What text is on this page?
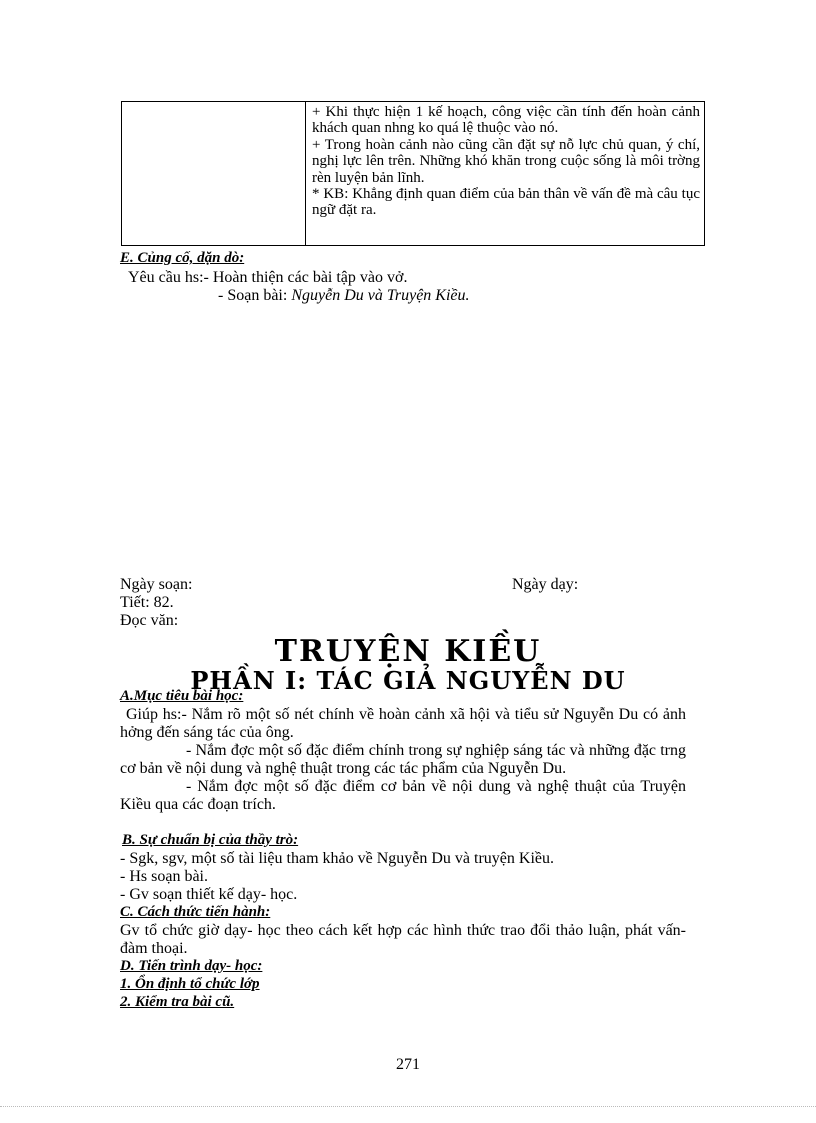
+ Khi thực hiện 1 kế hoạch, công việc cần tính đến hoàn cảnh khách quan nhng ko quá lệ thuộc vào nó.

+ Trong hoàn cảnh nào cũng cần đặt sự nỗ lực chủ quan, ý chí, nghị lực lên trên. Những khó khăn trong cuộc sống là môi trờng rèn luyện bản lĩnh.

* KB: Khẳng định quan điểm của bản thân về vấn đề mà câu tục ngữ đặt ra.

E. Củng cố, dặn dò:
Yêu cầu hs:- Hoàn thiện các bài tập vào vở.
- Soạn bài: Nguyễn Du và Truyện Kiều.
Ngày soạn:	Ngày dạy:
Tiết: 82.
Đọc văn:
TRUYỆN KIỀU
PHẦN I: TÁC GIẢ NGUYỄN DU
A.Mục tiêu bài học:

Giúp hs:- Nắm rõ một số nét chính về hoàn cảnh xã hội và tiểu sử Nguyễn Du có ảnh hởng đến sáng tác của ông.

- Nắm đợc một số đặc điểm chính trong sự nghiệp sáng tác và những đặc trng cơ bản về nội dung và nghệ thuật trong các tác phẩm của Nguyễn Du.

- Nắm đợc một số đặc điểm cơ bản về nội dung và nghệ thuật của Truyện Kiều qua các đoạn trích.

B. Sự chuẩn bị của thầy trò:
- Sgk, sgv, một số tài liệu tham khảo về Nguyễn Du và truyện Kiều.
- Hs soạn bài.
- Gv soạn thiết kế dạy- học.
C. Cách thức tiến hành:

Gv tổ chức giờ dạy- học theo cách kết hợp các hình thức trao đổi thảo luận, phát vấn- đàm thoại.

D. Tiến trình dạy- học:
1. Ổn định tổ chức lớp
2. Kiểm tra bài cũ.
271
